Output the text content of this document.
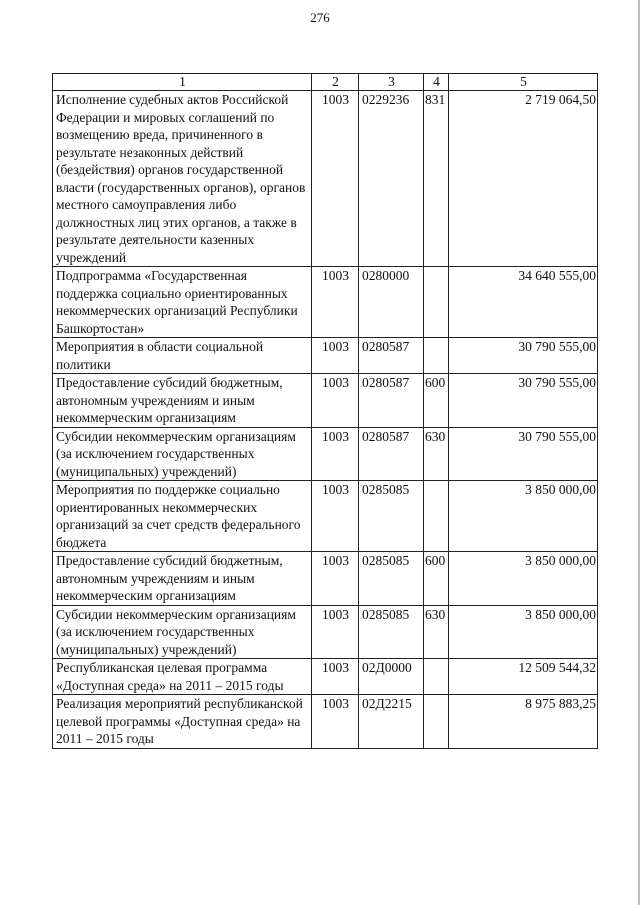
276
1	2	3	4	5
Исполнение судебных актов Российской Федерации и мировых соглашений по возмещению вреда, причиненного в результате незаконных действий (бездействия) органов государственной власти (государственных органов), органов местного самоуправления либо должностных лиц этих органов, а также в результате деятельности казенных учреждений	1003	0229236	831	2 719 064,50
Подпрограмма «Государственная поддержка социально ориентированных некоммерческих организаций Республики Башкортостан»	1003	0280000		34 640 555,00
Мероприятия в области социальной политики	1003	0280587		30 790 555,00
Предоставление субсидий бюджетным, автономным учреждениям и иным некоммерческим организациям	1003	0280587	600	30 790 555,00
Субсидии некоммерческим организациям (за исключением государственных (муниципальных) учреждений)	1003	0280587	630	30 790 555,00
Мероприятия по поддержке социально ориентированных некоммерческих организаций за счет средств федерального бюджета	1003	0285085		3 850 000,00
Предоставление субсидий бюджетным, автономным учреждениям и иным некоммерческим организациям	1003	0285085	600	3 850 000,00
Субсидии некоммерческим организациям (за исключением государственных (муниципальных) учреждений)	1003	0285085	630	3 850 000,00
Республиканская целевая программа «Доступная среда» на 2011 – 2015 годы	1003	02Д0000		12 509 544,32
Реализация мероприятий республиканской целевой программы «Доступная среда» на 2011 – 2015 годы	1003	02Д2215		8 975 883,25
